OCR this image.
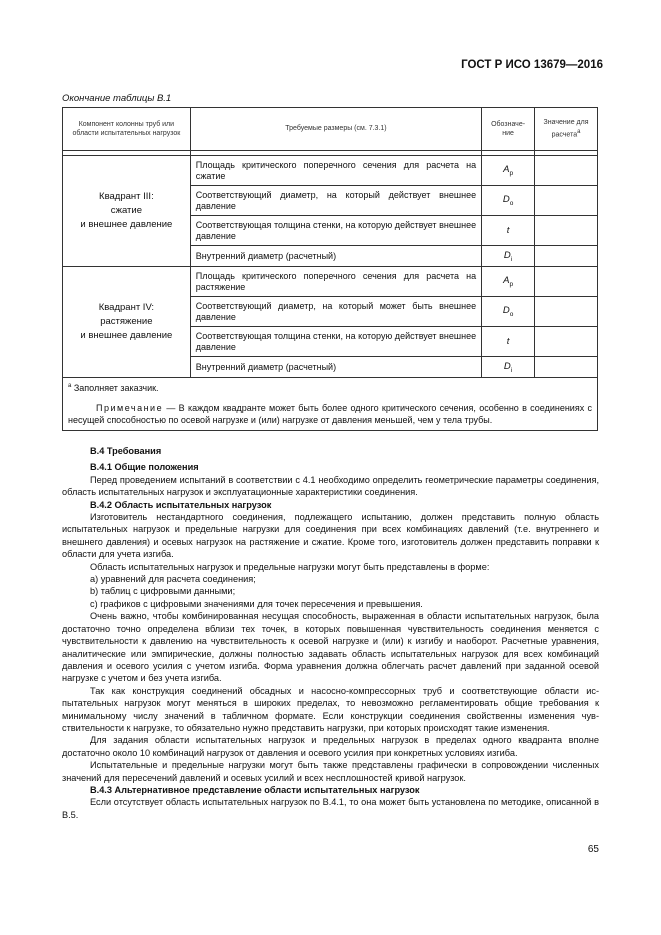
ГОСТ Р ИСО 13679—2016
Окончание таблицы В.1
Компонент колонны труб или области испытательных нагрузок	Требуемые размеры (см. 7.3.1)	Обозначение	Значение для расчетаа

Квадрант III:
сжатие
и внешнее давление	Площадь критического поперечного сечения для расчета на сжатие	$A_p$	
	Соответствующий диаметр, на который действует внешнее давление	$D_o$	
	Соответствующая толщина стенки, на которую действует внешнее давление	t	
	Внутренний диаметр (расчетный)	$D_i$	

Квадрант IV:
растяжение
и внешнее давление	Площадь критического поперечного сечения для расчета на растяжение	$A_p$	
	Соответствующий диаметр, на который может быть внешнее давление	$D_o$	
	Соответствующая толщина стенки, на которую действует внешнее давление	t	
	Внутренний диаметр (расчетный)	$D_i$	

$^а$ Заполняет заказчик.
Примечание — В каждом квадранте может быть более одного критического сечения, особенно в соединениях с несущей способностью по осевой нагрузке и (или) нагрузке от давления меньшей, чем у тела трубы.			
В.4 Требования
В.4.1 Общие положения

Перед проведением испытаний в соответствии с 4.1 необходимо определить геометрические параметры соединения, область испытательных нагрузок и эксплуатационные характеристики соединения.

В.4.2 Область испытательных нагрузок

Изготовитель нестандартного соединения, подлежащего испытанию, должен представить полную область испытательных нагрузок и предельные нагрузки для соединения при всех комбинациях давлений (т.е. внутреннего и внешнего давления) и осевых нагрузок на растяжение и сжатие. Кроме того, изготовитель должен представить поправки к области для учета изгиба.

Область испытательных нагрузок и предельные нагрузки могут быть представлены в форме:

а) уравнений для расчета соединения;

b) таблиц с цифровыми данными;

с) графиков с цифровыми значениями для точек пересечения и превышения.

Очень важно, чтобы комбинированная несущая способность, выраженная в области испытательных нагрузок, была достаточно точно определена вблизи тех точек, в которых повышенная чувствительность соединения меняется с чувствительности к давлению на чувствительность к осевой нагрузке и (или) к изгибу и наоборот. Расчетные уравнения, аналитические или эмпирические, должны полностью задавать область испытательных нагрузок для всех комбинаций давления и осевого усилия с учетом изгиба. Форма уравнения должна облегчать расчет давлений при заданной осевой нагрузке с учетом и без учета изгиба.

Так как конструкция соединений обсадных и насосно-компрессорных труб и соответствующие области испытательных нагрузок могут меняться в широких пределах, то невозможно регламентировать общие требования к минимальному числу значений в табличном формате. Если конструкции соединения свойственны изменения чувствительности к нагрузке, то обязательно нужно представить нагрузки, при которых происходят такие изменения.

Для задания области испытательных нагрузок и предельных нагрузок в пределах одного квадранта вполне достаточно около 10 комбинаций нагрузок от давления и осевого усилия при конкретных условиях изгиба.

Испытательные и предельные нагрузки могут быть также представлены графически в сопровождении численных значений для пересечений давлений и осевых усилий и всех несплошностей кривой нагрузок.

В.4.3 Альтернативное представление области испытательных нагрузок

Если отсутствует область испытательных нагрузок по В.4.1, то она может быть установлена по методике, описанной в В.5.

65
